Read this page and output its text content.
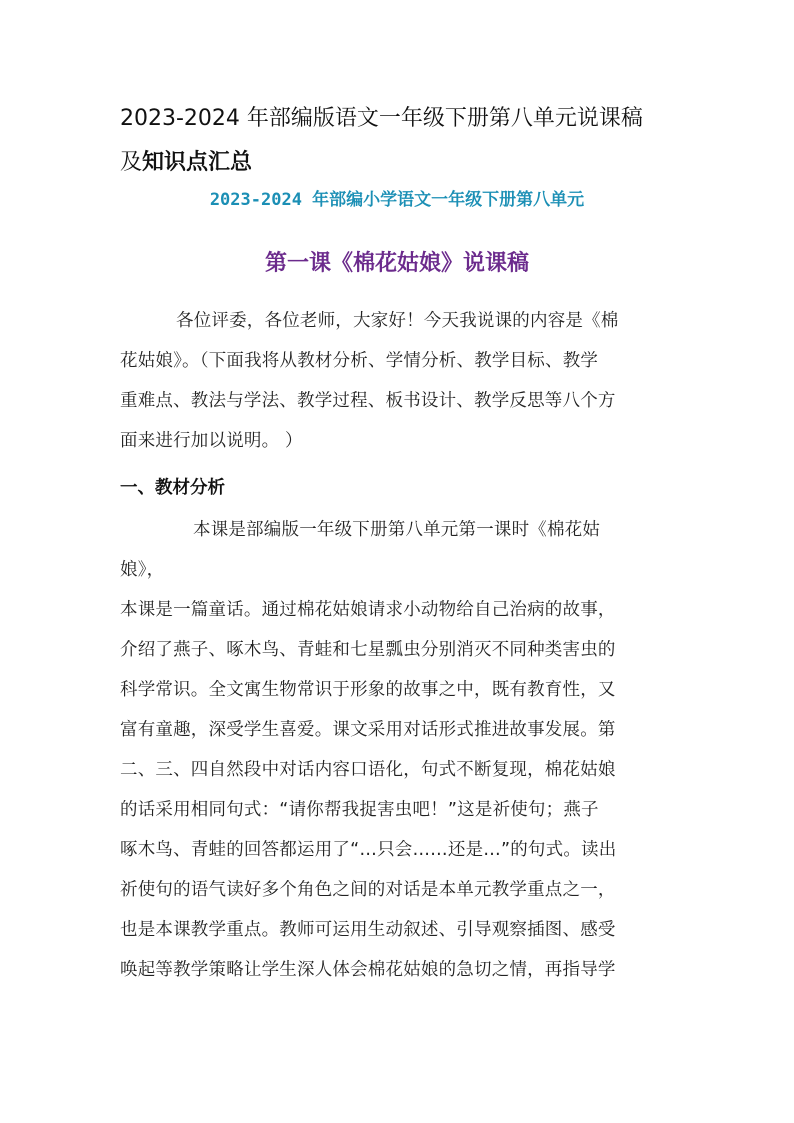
2023-2024 年部编版语文一年级下册第八单元说课稿
及知识点汇总
2023-2024 年部编小学语文一年级下册第八单元
第一课《棉花姑娘》说课稿
各位评委，各位老师，大家好！今天我说课的内容是《棉
花姑娘》。（下面我将从教材分析、学情分析、教学目标、教学
重难点、教法与学法、教学过程、板书设计、教学反思等八个方
面来进行加以说明。 ）
一、教材分析
本课是部编版一年级下册第八单元第一课时《棉花姑
娘》，
本课是一篇童话。通过棉花姑娘请求小动物给自己治病的故事，
介绍了燕子、啄木鸟、青蛙和七星瓢虫分别消灭不同种类害虫的
科学常识。全文寓生物常识于形象的故事之中，既有教育性，又
富有童趣，深受学生喜爱。课文采用对话形式推进故事发展。第
二、三、四自然段中对话内容口语化，句式不断复现，棉花姑娘
的话采用相同句式：“请你帮我捉害虫吧！”这是祈使句；燕子
啄木鸟、青蛙的回答都运用了“…只会……还是…”的句式。读出
祈使句的语气读好多个角色之间的对话是本单元教学重点之一，
也是本课教学重点。教师可运用生动叙述、引导观察插图、感受
唤起等教学策略让学生深人体会棉花姑娘的急切之情，再指导学
